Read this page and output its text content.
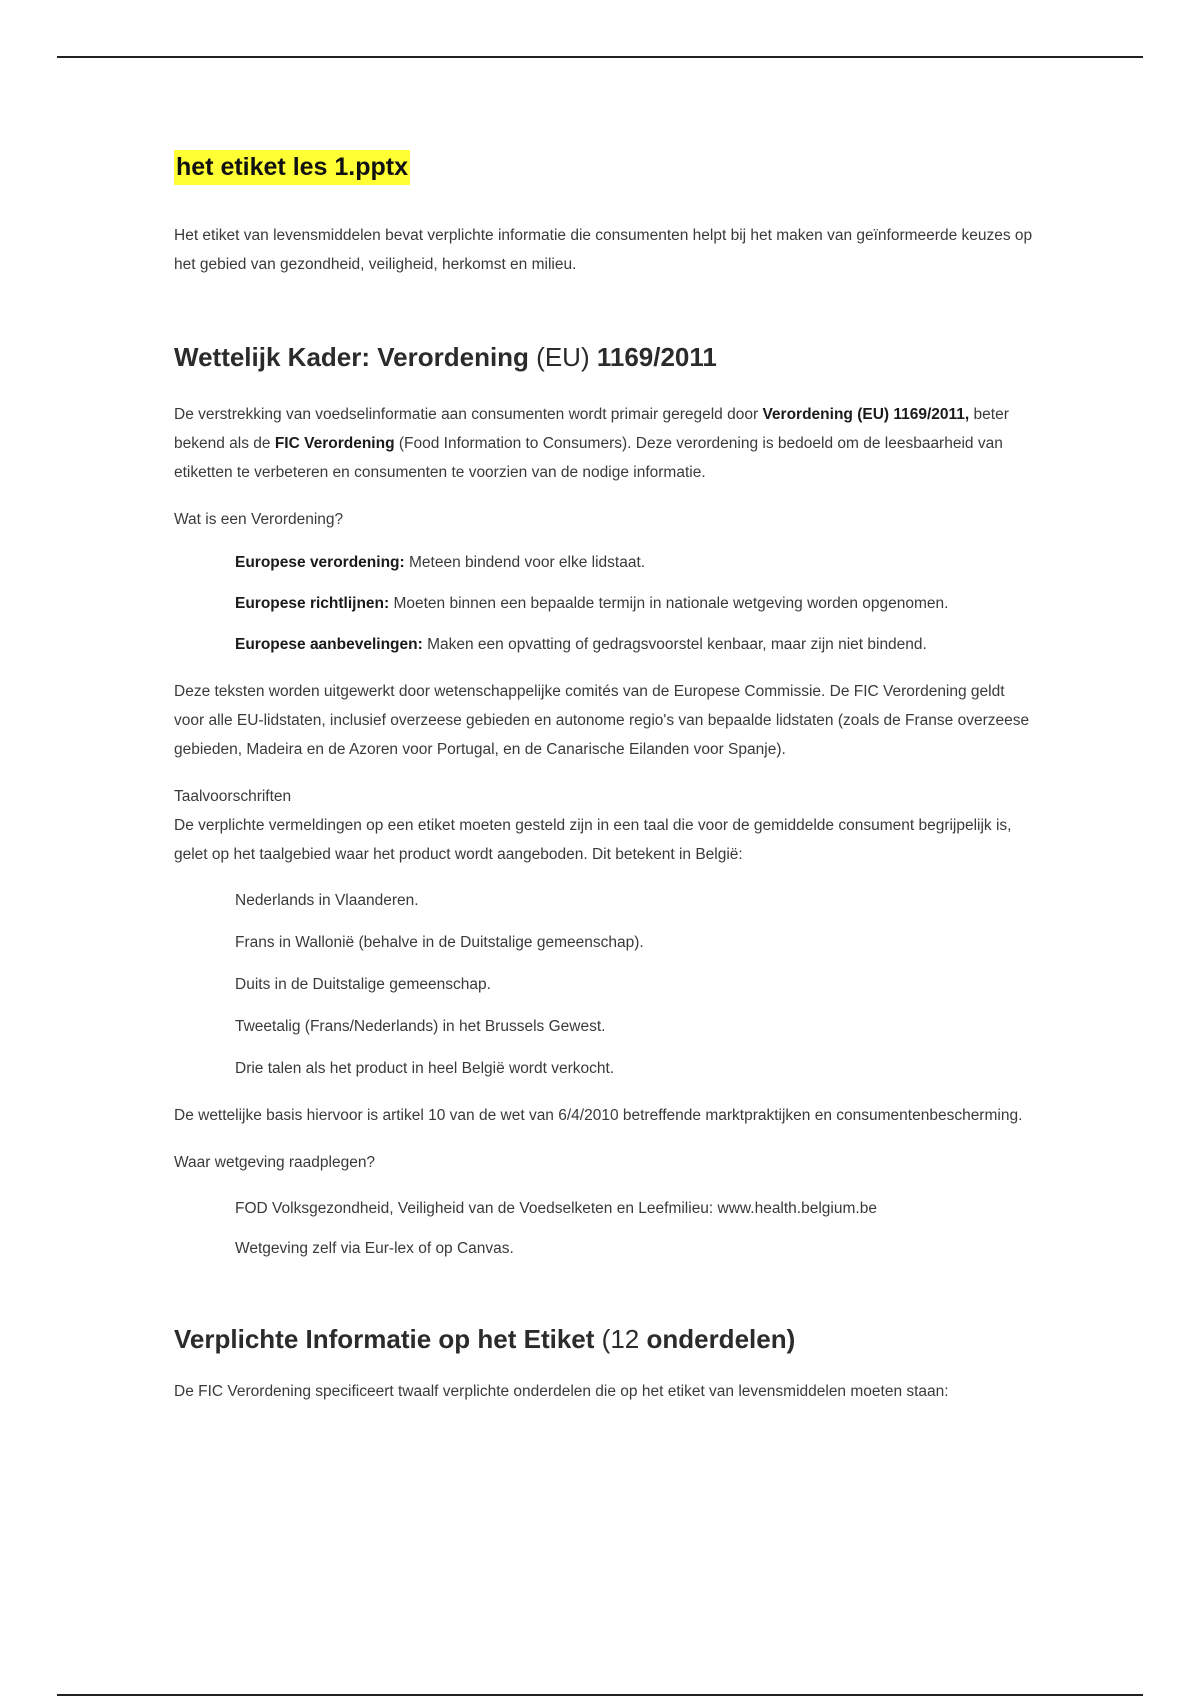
het etiket les 1.pptx

Het etiket van levensmiddelen bevat verplichte informatie die consumenten helpt bij het maken van geïnformeerde keuzes op het gebied van gezondheid, veiligheid, herkomst en milieu.

Wettelijk Kader: Verordening (EU) 1169/2011

De verstrekking van voedselinformatie aan consumenten wordt primair geregeld door Verordening (EU) 1169/2011, beter bekend als de FIC Verordening (Food Information to Consumers). Deze verordening is bedoeld om de leesbaarheid van etiketten te verbeteren en consumenten te voorzien van de nodige informatie.

Wat is een Verordening?

Europese verordening: Meteen bindend voor elke lidstaat.

Europese richtlijnen: Moeten binnen een bepaalde termijn in nationale wetgeving worden opgenomen.

Europese aanbevelingen: Maken een opvatting of gedragsvoorstel kenbaar, maar zijn niet bindend.

Deze teksten worden uitgewerkt door wetenschappelijke comités van de Europese Commissie. De FIC Verordening geldt voor alle EU-lidstaten, inclusief overzeese gebieden en autonome regio's van bepaalde lidstaten (zoals de Franse overzeese gebieden, Madeira en de Azoren voor Portugal, en de Canarische Eilanden voor Spanje).

Taalvoorschriften

De verplichte vermeldingen op een etiket moeten gesteld zijn in een taal die voor de gemiddelde consument begrijpelijk is, gelet op het taalgebied waar het product wordt aangeboden. Dit betekent in België:

Nederlands in Vlaanderen.

Frans in Wallonië (behalve in de Duitstalige gemeenschap).

Duits in de Duitstalige gemeenschap.

Tweetalig (Frans/Nederlands) in het Brussels Gewest.

Drie talen als het product in heel België wordt verkocht.

De wettelijke basis hiervoor is artikel 10 van de wet van 6/4/2010 betreffende marktpraktijken en consumentenbescherming.

Waar wetgeving raadplegen?

FOD Volksgezondheid, Veiligheid van de Voedselketen en Leefmilieu: www.health.belgium.be

Wetgeving zelf via Eur-lex of op Canvas.

Verplichte Informatie op het Etiket (12 onderdelen)

De FIC Verordening specificeert twaalf verplichte onderdelen die op het etiket van levensmiddelen moeten staan:
